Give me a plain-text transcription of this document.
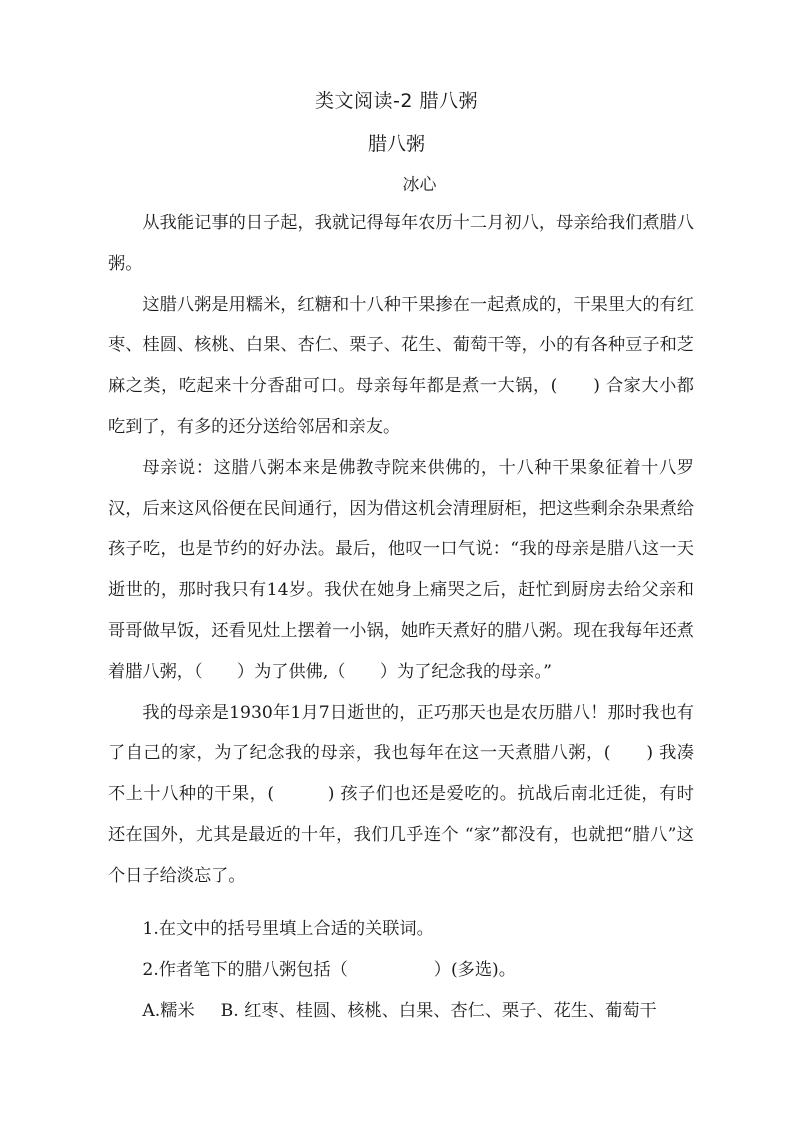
类文阅读-2 腊八粥
腊八粥
冰心

从我能记事的日子起，我就记得每年农历十二月初八，母亲给我们煮腊八粥。

这腊八粥是用糯米，红糖和十八种干果掺在一起煮成的，干果里大的有红枣、桂圆、核桃、白果、杏仁、栗子、花生、葡萄干等，小的有各种豆子和芝麻之类，吃起来十分香甜可口。母亲每年都是煮一大锅，(　　) 合家大小都吃到了，有多的还分送给邻居和亲友。

母亲说：这腊八粥本来是佛教寺院来供佛的，十八种干果象征着十八罗汉，后来这风俗便在民间通行，因为借这机会清理厨柜，把这些剩余杂果煮给孩子吃，也是节约的好办法。最后，他叹一口气说：“我的母亲是腊八这一天逝世的，那时我只有14岁。我伏在她身上痛哭之后，赶忙到厨房去给父亲和哥哥做早饭，还看见灶上摆着一小锅，她昨天煮好的腊八粥。现在我每年还煮着腊八粥，（　　）为了供佛,（　　）为了纪念我的母亲。”

我的母亲是1930年1月7日逝世的，正巧那天也是农历腊八！那时我也有了自己的家，为了纪念我的母亲，我也每年在这一天煮腊八粥，(　　) 我凑不上十八种的干果，(　　　) 孩子们也还是爱吃的。抗战后南北迁徙，有时还在国外，尤其是最近的十年，我们几乎连个 “家”都没有，也就把“腊八”这个日子给淡忘了。

1.在文中的括号里填上合适的关联词。

2.作者笔下的腊八粥包括（　　　　　）(多选)。

A.糯米 B. 红枣、桂圆、核桃、白果、杏仁、栗子、花生、葡萄干
